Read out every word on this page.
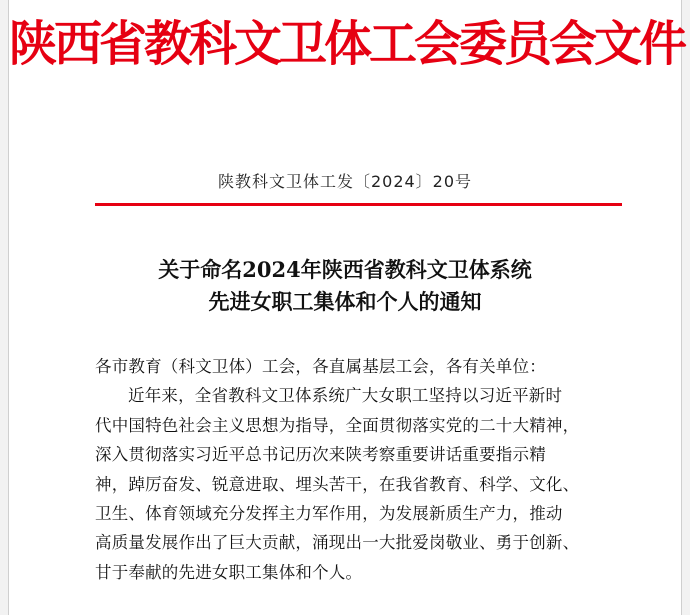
陕西省教科文卫体工会委员会文件
陕教科文卫体工发〔2024〕20号
关于命名2024年陕西省教科文卫体系统
先进女职工集体和个人的通知
各市教育（科文卫体）工会，各直属基层工会，各有关单位：
近年来，全省教科文卫体系统广大女职工坚持以习近平新时
代中国特色社会主义思想为指导，全面贯彻落实党的二十大精神，
深入贯彻落实习近平总书记历次来陕考察重要讲话重要指示精
神，踔厉奋发、锐意进取、埋头苦干，在我省教育、科学、文化、
卫生、体育领域充分发挥主力军作用，为发展新质生产力，推动
高质量发展作出了巨大贡献，涌现出一大批爱岗敬业、勇于创新、
甘于奉献的先进女职工集体和个人。
